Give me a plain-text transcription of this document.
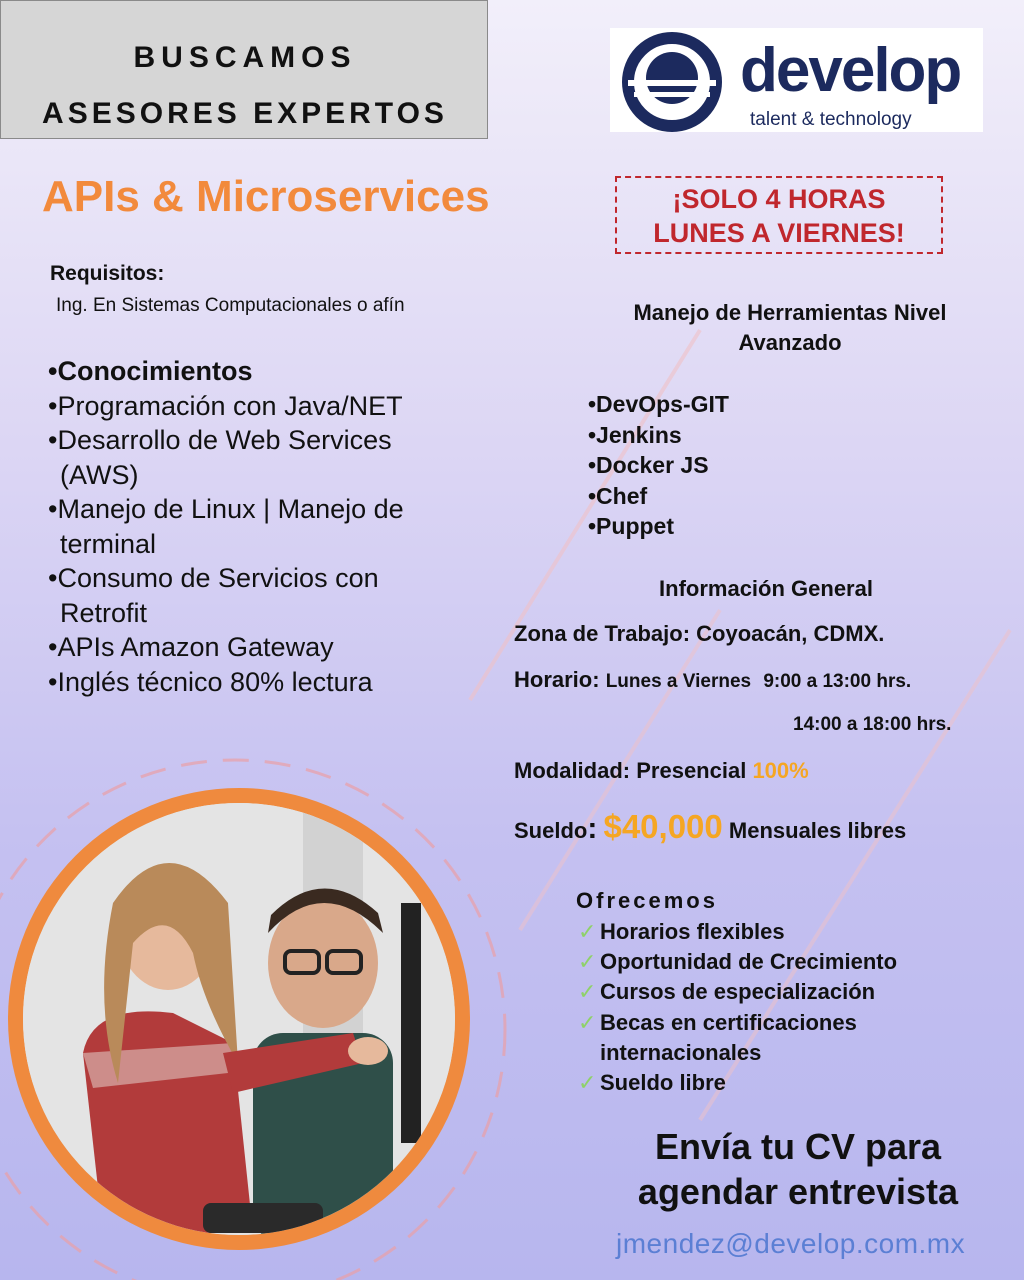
BUSCAMOS
ASESORES EXPERTOS
develop
talent & technology
APIs & Microservices	¡SOLO 4 HORAS
LUNES A VIERNES!
Requisitos:
Ing. En Sistemas Computacionales o afín
•Conocimientos
•Programación con Java/NET
•Desarrollo de Web Services (AWS)
•Manejo de Linux | Manejo de terminal
•Consumo de Servicios con Retrofit
•APIs Amazon Gateway
•Inglés técnico 80% lectura
Manejo de Herramientas Nivel Avanzado
•DevOps-GIT
•Jenkins
•Docker JS
•Chef
•Puppet
Información General
Zona de Trabajo: Coyoacán, CDMX.
Horario: Lunes a Viernes 9:00 a 13:00 hrs.
14:00 a 18:00 hrs.
Modalidad: Presencial 100%
Sueldo: $40,000 Mensuales libres
Ofrecemos
✓ Horarios flexibles
✓ Oportunidad de Crecimiento
✓ Cursos de especialización
✓ Becas en certificaciones internacionales
✓ Sueldo libre
Envía tu CV para
agendar entrevista
jmendez@develop.com.mx
